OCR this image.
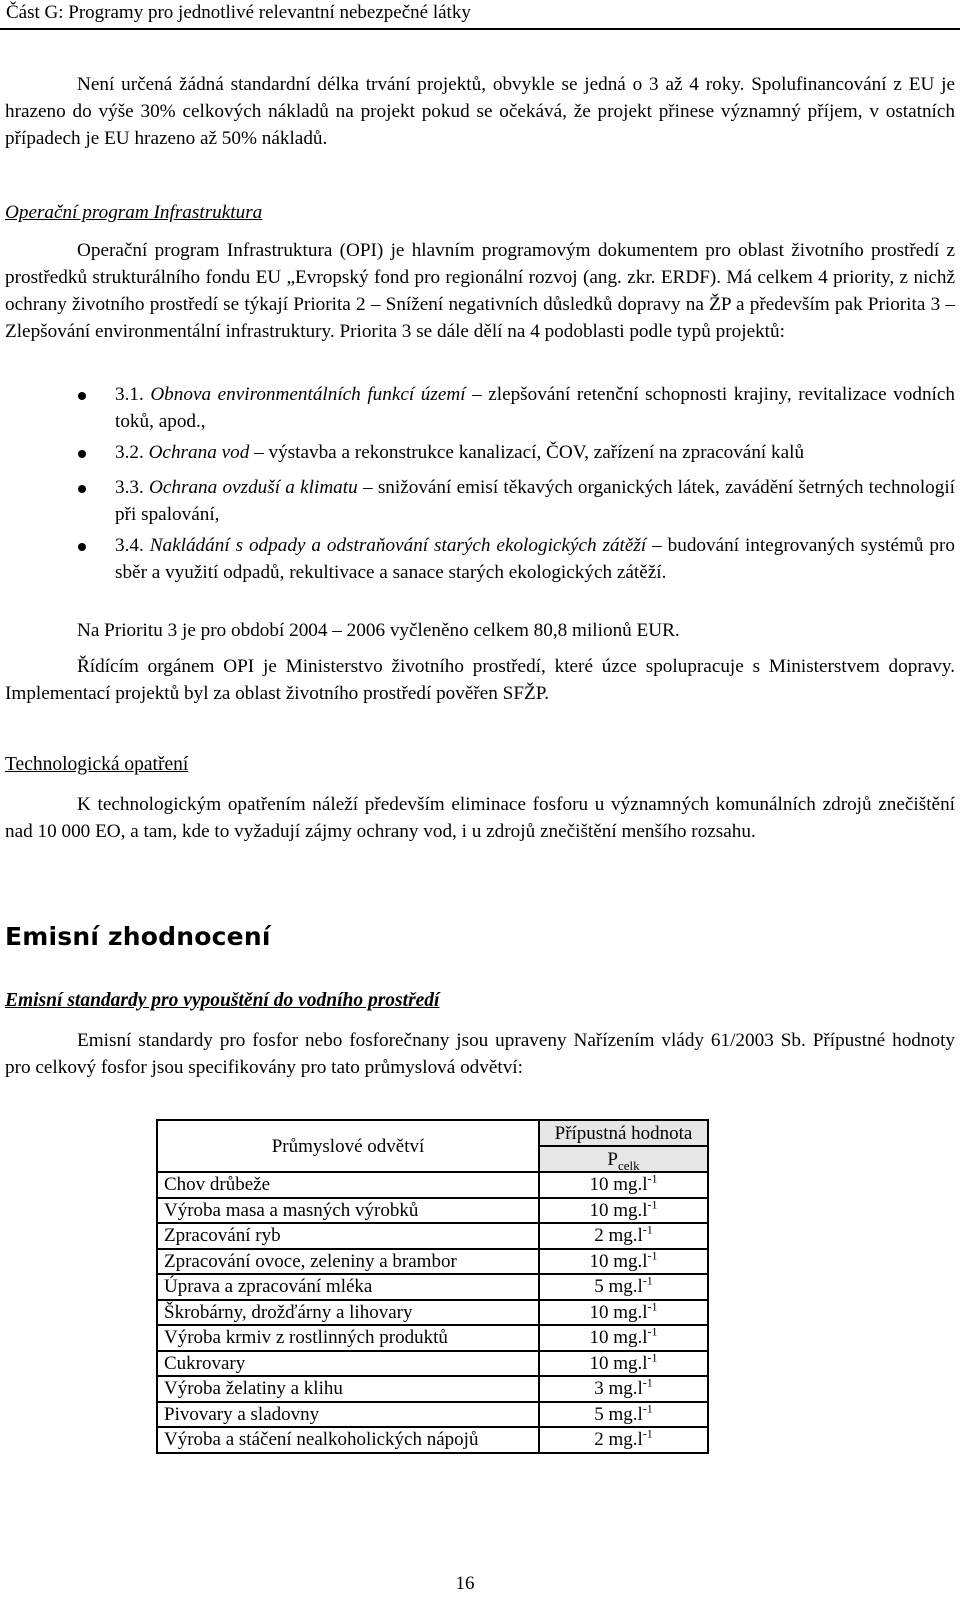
Část G: Programy pro jednotlivé relevantní nebezpečné látky
Není určená žádná standardní délka trvání projektů, obvykle se jedná o 3 až 4 roky. Spolufinancování z EU je hrazeno do výše 30% celkových nákladů na projekt pokud se očekává, že projekt přinese významný příjem, v ostatních případech je EU hrazeno až 50% nákladů.
Operační program Infrastruktura
Operační program Infrastruktura (OPI) je hlavním programovým dokumentem pro oblast životního prostředí z prostředků strukturálního fondu EU „Evropský fond pro regionální rozvoj (ang. zkr. ERDF). Má celkem 4 priority, z nichž ochrany životního prostředí se týkají Priorita 2 – Snížení negativních důsledků dopravy na ŽP a především pak Priorita 3 – Zlepšování environmentální infrastruktury. Priorita 3 se dále dělí na 4 podoblasti podle typů projektů:
3.1. Obnova environmentálních funkcí území – zlepšování retenční schopnosti krajiny, revitalizace vodních toků, apod.,
3.2. Ochrana vod – výstavba a rekonstrukce kanalizací, ČOV, zařízení na zpracování kalů
3.3. Ochrana ovzduší a klimatu – snižování emisí těkavých organických látek, zavádění šetrných technologií při spalování,
3.4. Nakládání s odpady a odstraňování starých ekologických zátěží – budování integrovaných systémů pro sběr a využití odpadů, rekultivace a sanace starých ekologických zátěží.
Na Prioritu 3 je pro období 2004 – 2006 vyčleněno celkem 80,8 milionů EUR.
Řídícím orgánem OPI je Ministerstvo životního prostředí, které úzce spolupracuje s Ministerstvem dopravy. Implementací projektů byl za oblast životního prostředí pověřen SFŽP.
Technologická opatření
K technologickým opatřením náleží především eliminace fosforu u významných komunálních zdrojů znečištění nad 10 000 EO, a tam, kde to vyžadují zájmy ochrany vod, i u zdrojů znečištění menšího rozsahu.
Emisní zhodnocení
Emisní standardy pro vypouštění do vodního prostředí
Emisní standardy pro fosfor nebo fosforečnany jsou upraveny Nařízením vlády 61/2003 Sb. Přípustné hodnoty pro celkový fosfor jsou specifikovány pro tato průmyslová odvětví:
Průmyslové odvětví	Přípustná hodnota
	$P_{celk}$
Chov drůbeže	10 $mg.l^{-1}$
Výroba masa a masných výrobků	10 $mg.l^{-1}$
Zpracování ryb	2 $mg.l^{-1}$
Zpracování ovoce, zeleniny a brambor	10 $mg.l^{-1}$
Úprava a zpracování mléka	5 $mg.l^{-1}$
Škrobárny, drožďárny a lihovary	10 $mg.l^{-1}$
Výroba krmiv z rostlinných produktů	10 $mg.l^{-1}$
Cukrovary	10 $mg.l^{-1}$
Výroba želatiny a klihu	3 $mg.l^{-1}$
Pivovary a sladovny	5 $mg.l^{-1}$
Výroba a stáčení nealkoholických nápojů	2 $mg.l^{-1}$
16
